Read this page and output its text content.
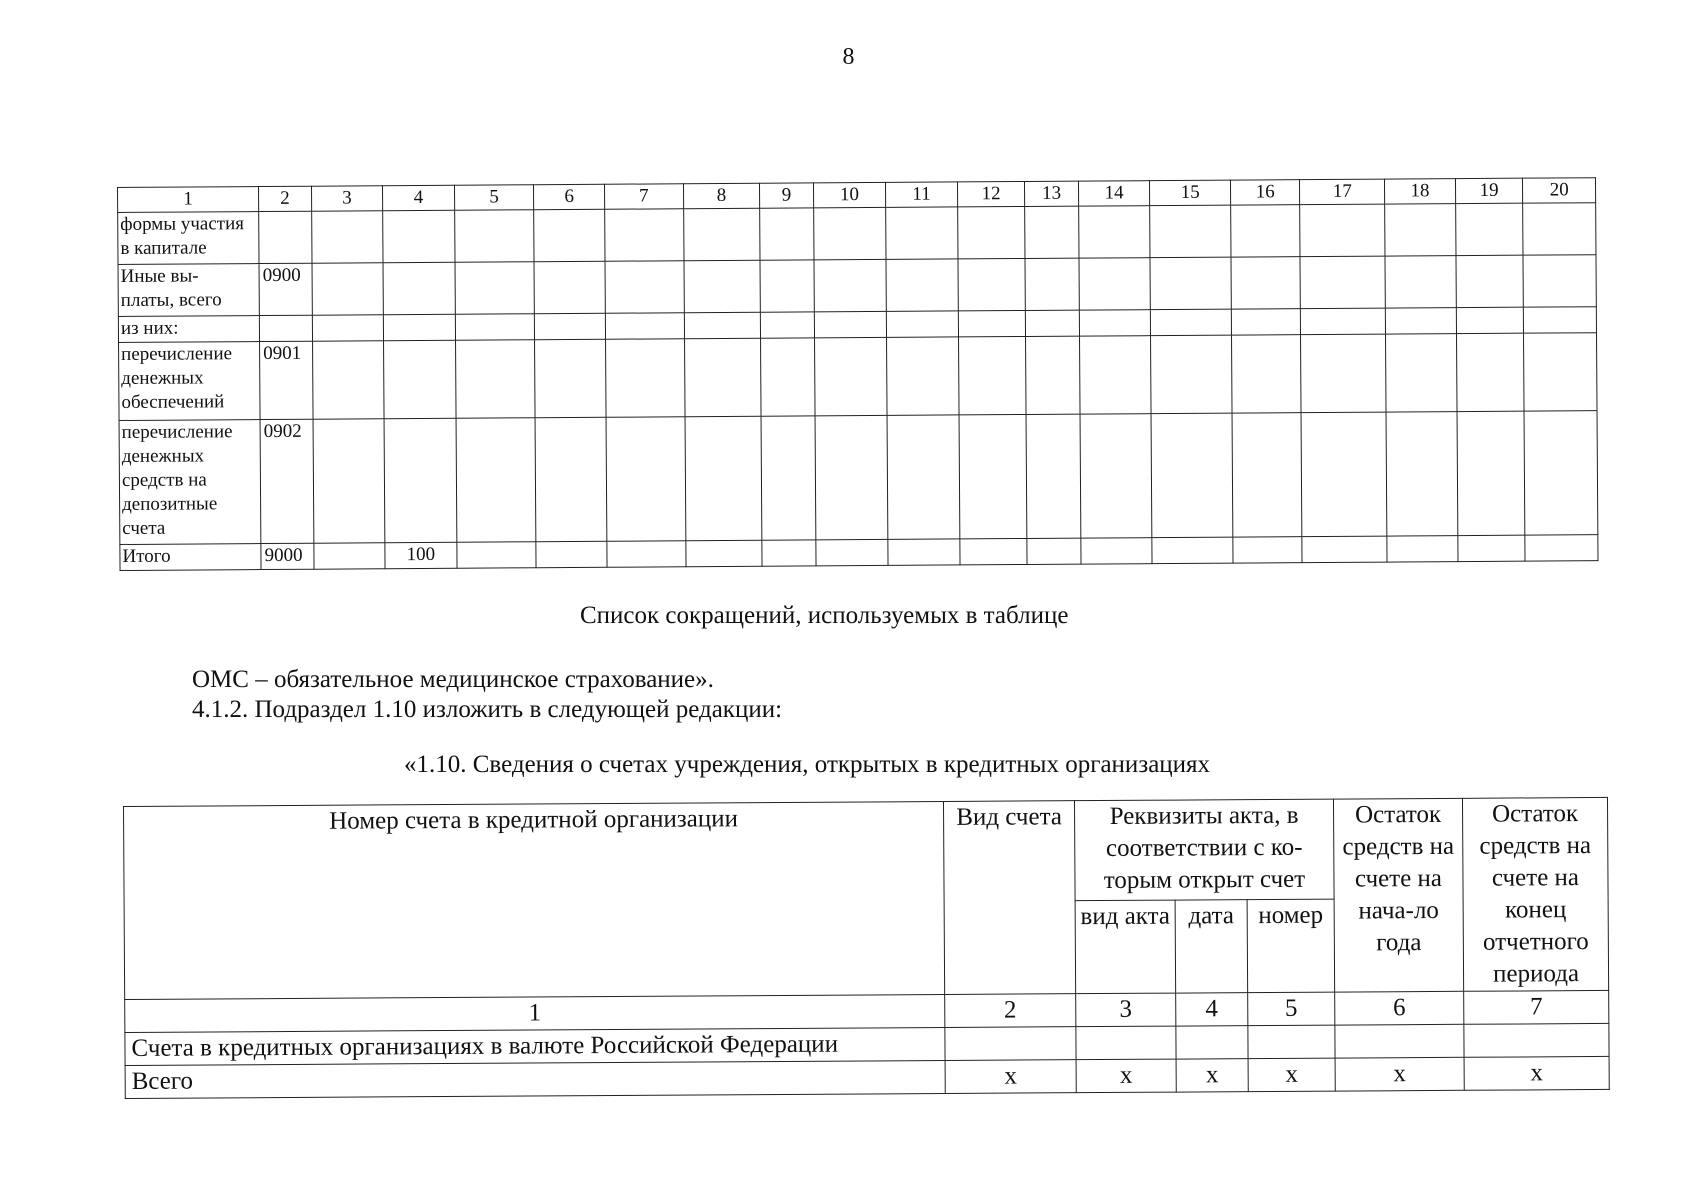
8
1	2	3	4	5	6	7	8	9	10	11	12	13	14	15	16	17	18	19	20
формы участия в капитале																			
Иные вы-
платы, всего	0900																		
из них:																			
перечисление денежных обеспечений	0901																		
перечисление денежных средств на депозитные счета	0902																		
Итого	9000		100																
Список сокращений, используемых в таблице
ОМС – обязательное медицинское страхование».
4.1.2. Подраздел 1.10 изложить в следующей редакции:
«1.10. Сведения о счетах учреждения, открытых в кредитных организациях
Номер счета в кредитной организации	Вид счета	Реквизиты акта, в соответствии с ко-торым открыт счет			Остаток средств на счете на нача-ло года	Остаток средств на счете на конец отчетного периода
		вид акта	дата	номер		
1	2	3	4	5	6	7
Счета в кредитных организациях в валюте Российской Федерации						
Всего	x	x	x	x	x	x
